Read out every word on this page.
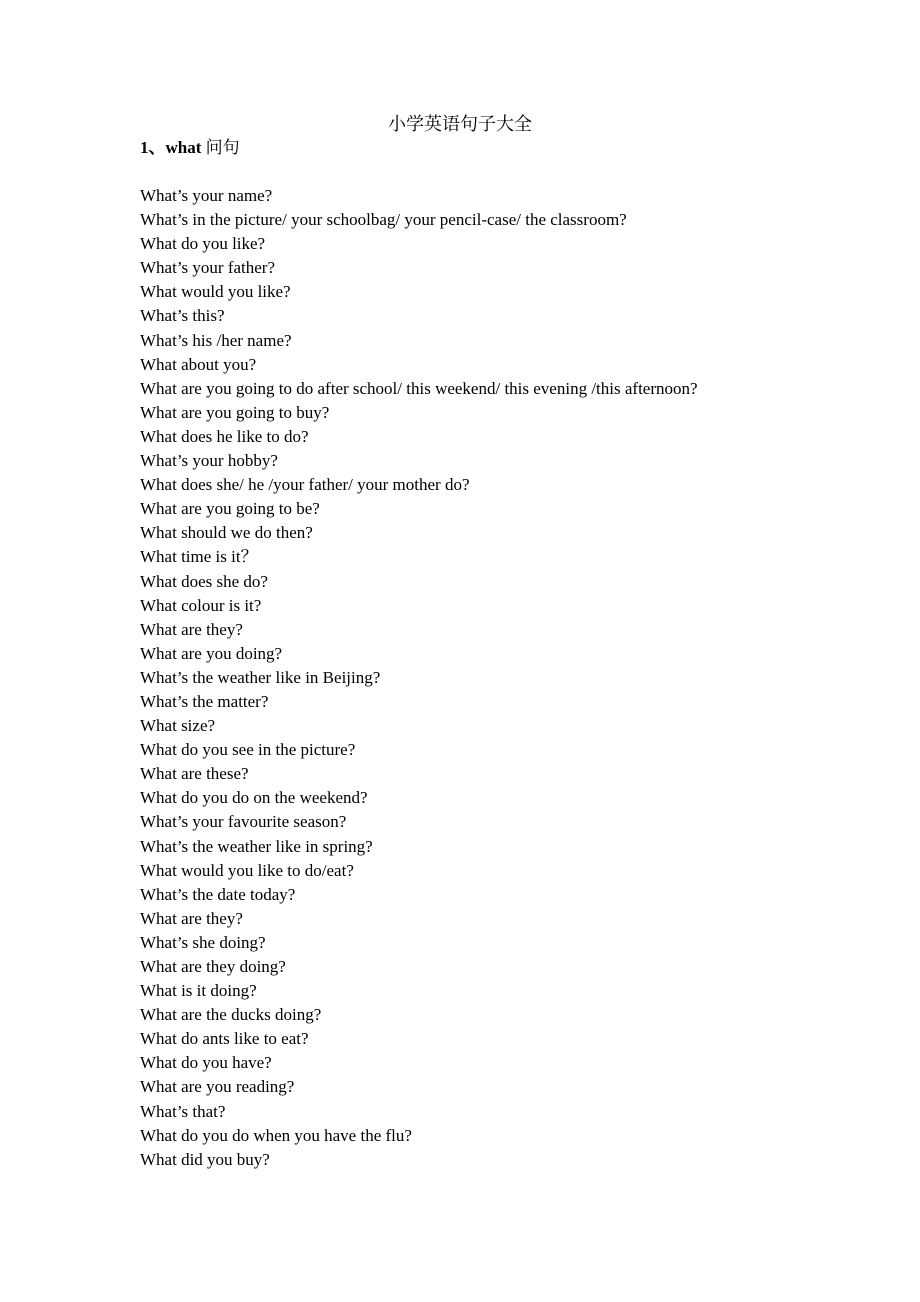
小学英语句子大全
1、what 问句
What’s your name?
What’s in the picture/ your schoolbag/ your pencil-case/ the classroom?
What do you like?
What’s your father?
What would you like?
What’s this?
What’s his /her name?
What about you?
What are you going to do after school/ this weekend/ this evening /this afternoon?
What are you going to buy?
What does he like to do?
What’s your hobby?
What does she/ he /your father/ your mother do?
What are you going to be?
What should we do then?
What time is it？
What does she do?
What colour is it?
What are they?
What are you doing?
What’s the weather like in Beijing?
What’s the matter?
What size?
What do you see in the picture?
What are these?
What do you do on the weekend?
What’s your favourite season?
What’s the weather like in spring?
What would you like to do/eat?
What’s the date today?
What are they?
What’s she doing?
What are they doing?
What is it doing?
What are the ducks doing?
What do ants like to eat?
What do you have?
What are you reading?
What’s that?
What do you do when you have the flu?
What did you buy?
